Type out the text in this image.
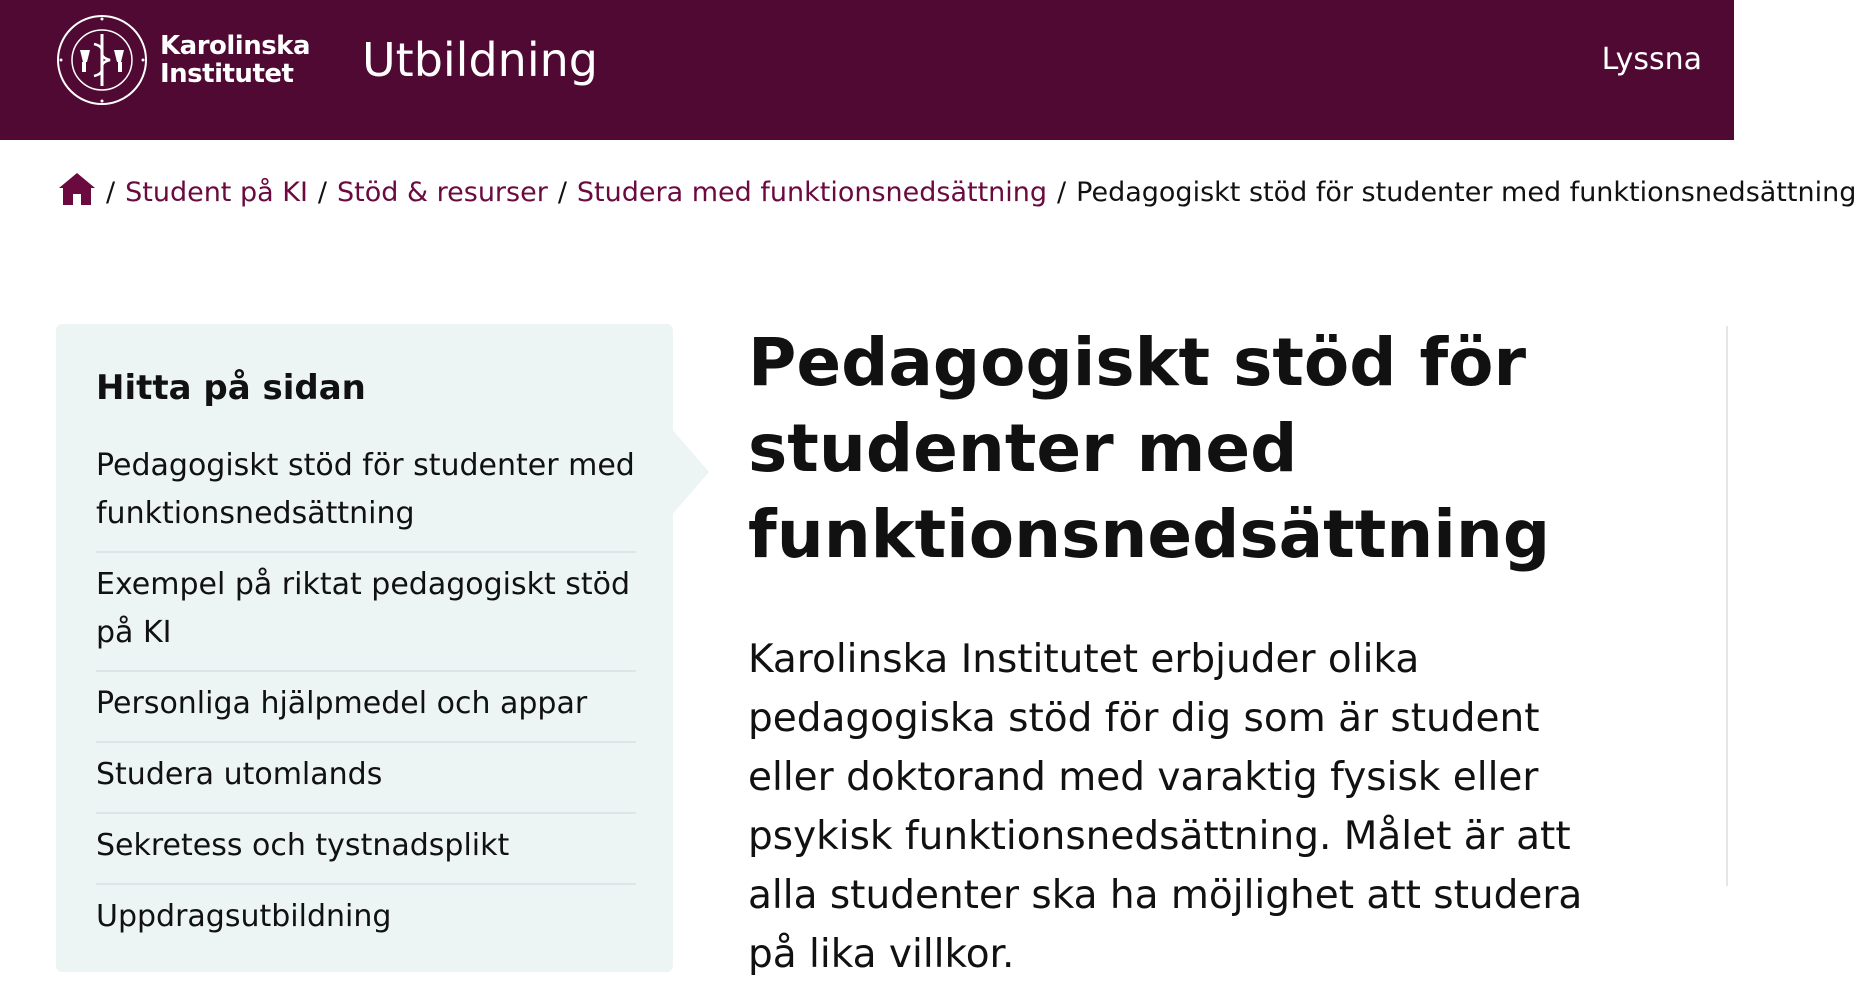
Karolinska
Institutet	Utbildning	Lyssna
/ Student på KI / Stöd & resurser / Studera med funktionsnedsättning / Pedagogiskt stöd för studenter med funktionsnedsättning
Hitta på sidan
Pedagogiskt stöd för studenter med funktionsnedsättning
Exempel på riktat pedagogiskt stöd på KI
Personliga hjälpmedel och appar
Studera utomlands
Sekretess och tystnadsplikt
Uppdragsutbildning
Pedagogiskt stöd för studenter med funktionsnedsättning

Karolinska Institutet erbjuder olika pedagogiska stöd för dig som är student eller doktorand med varaktig fysisk eller psykisk funktionsnedsättning. Målet är att alla studenter ska ha möjlighet att studera på lika villkor.
